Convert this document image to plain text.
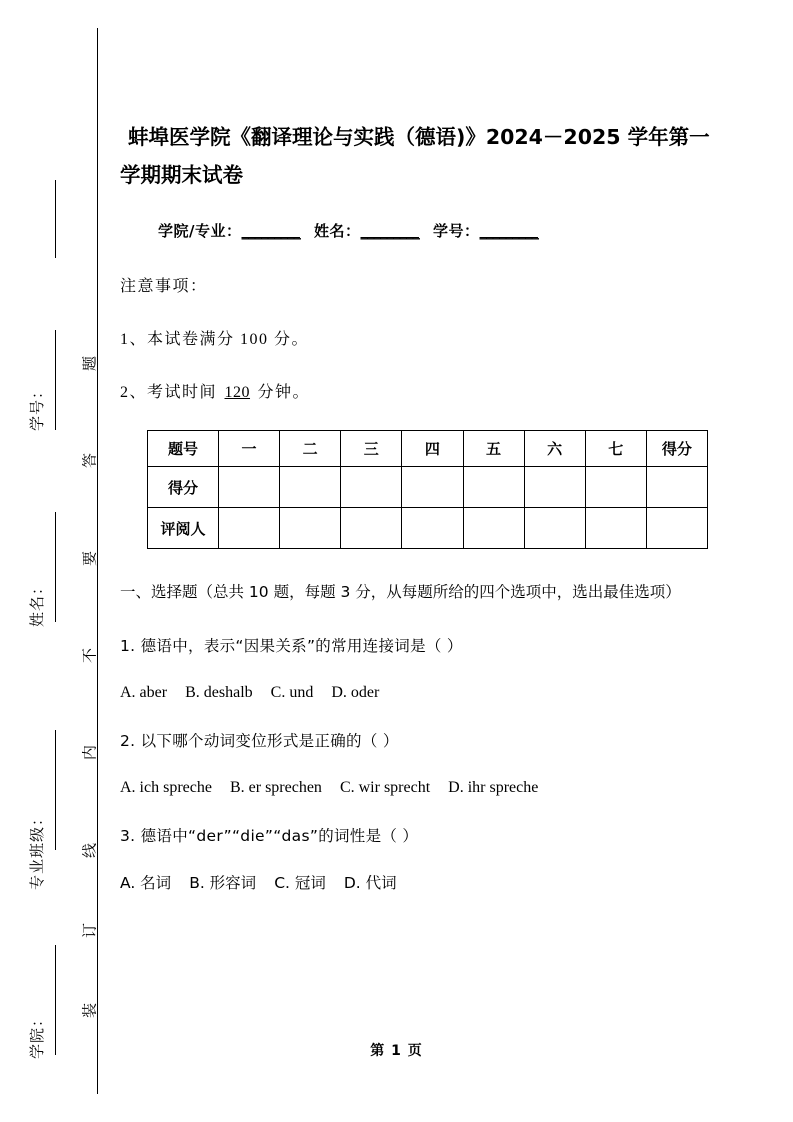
学号：
姓名：
专业班级：
学院：
题
答
要
不
内
线
订
装
蚌埠医学院《翻译理论与实践（德语)》2024－2025 学年第一学期期末试卷
学院/专业：_________ 姓名：_________ 学号：_________

注意事项：

1、本试卷满分 100 分。

2、考试时间 120 分钟。

题号	一	二	三	四	五	六	七	得分
得分								
评阅人								

一、选择题（总共 10 题，每题 3 分，从每题所给的四个选项中，选出最佳选项）

1. 德语中，表示“因果关系”的常用连接词是（ ）

A. aber B. deshalb C. und D. oder

2. 以下哪个动词变位形式是正确的（ ）

A. ich spreche B. er sprechen C. wir sprecht D. ihr spreche

3. 德语中“der”“die”“das”的词性是（ ）

A. 名词 B. 形容词 C. 冠词 D. 代词

第 1 页
